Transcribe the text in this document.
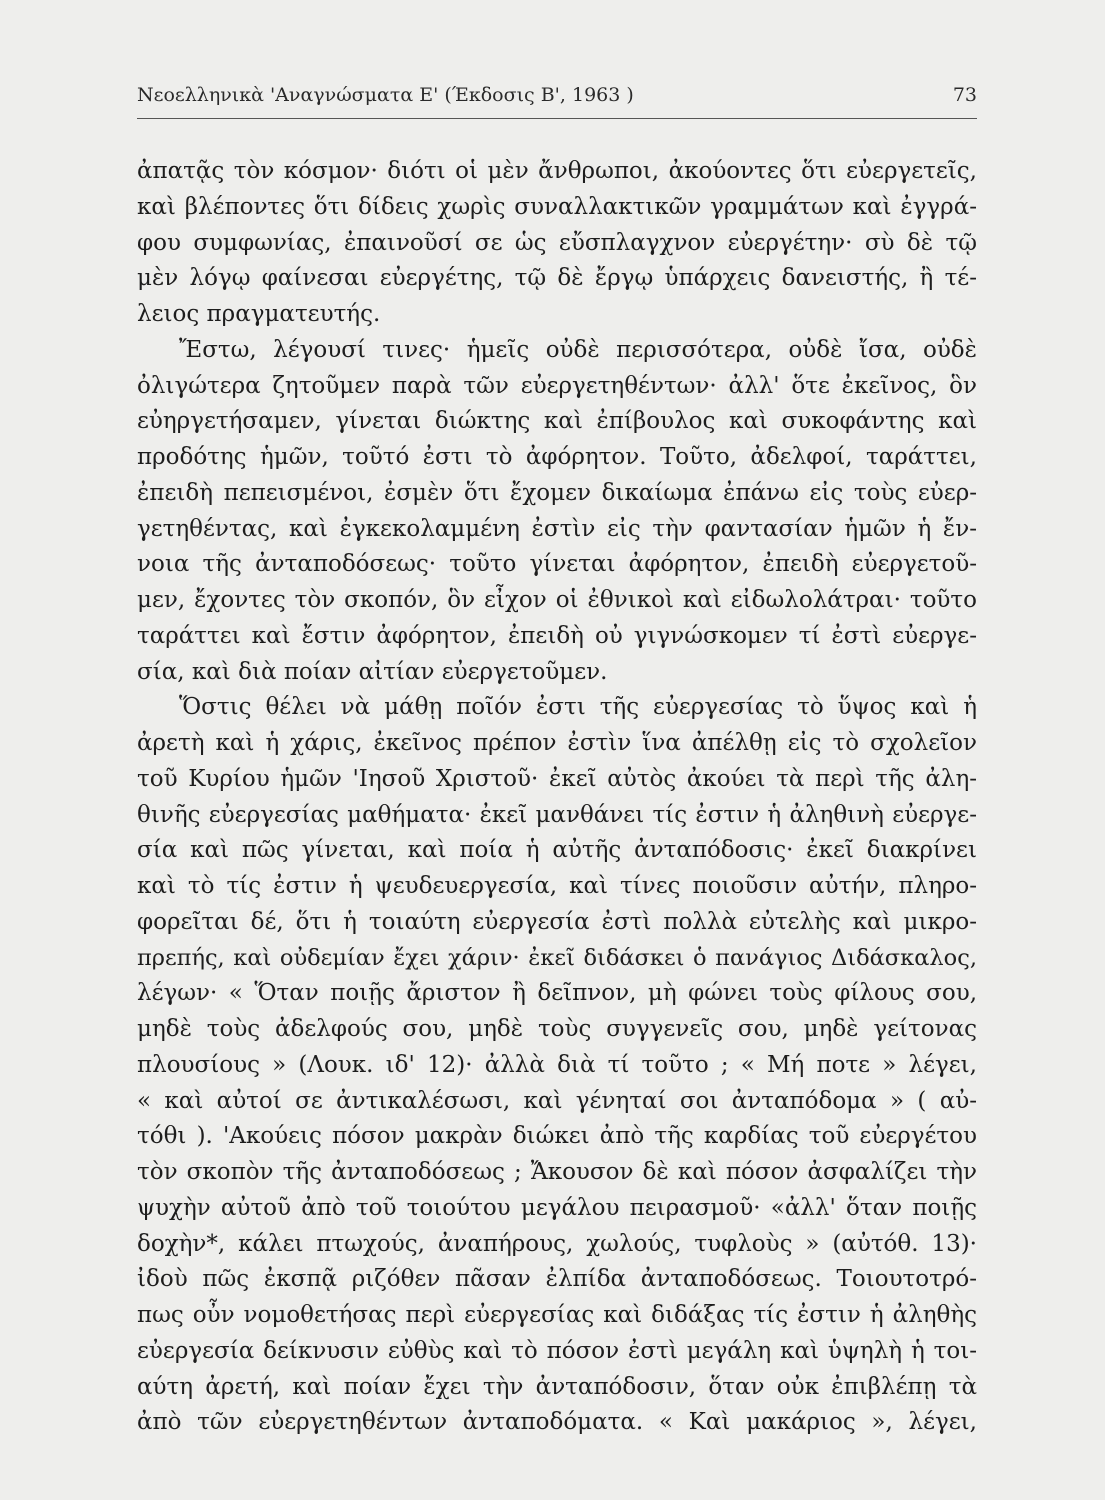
Νεοελληνικὰ 'Αναγνώσματα Ε' (Έκδοσις Β', 1963 )	73
ἀπατᾷς τὸν κόσμον· διότι οἱ μὲν ἄνθρωποι, ἀκούοντες ὅτι εὐεργετεῖς,
καὶ βλέποντες ὅτι δίδεις χωρὶς συναλλακτικῶν γραμμάτων καὶ ἐγγρά-
φου συμφωνίας, ἐπαινοῦσί σε ὡς εὔσπλαγχνον εὐεργέτην· σὺ δὲ τῷ
μὲν λόγῳ φαίνεσαι εὐεργέτης, τῷ δὲ ἔργῳ ὑπάρχεις δανειστής, ἢ τέ-
λειος πραγματευτής.
Ἔστω, λέγουσί τινες· ἡμεῖς οὐδὲ περισσότερα, οὐδὲ ἴσα, οὐδὲ
ὀλιγώτερα ζητοῦμεν παρὰ τῶν εὐεργετηθέντων· ἀλλ' ὅτε ἐκεῖνος, ὃν
εὐηργετήσαμεν, γίνεται διώκτης καὶ ἐπίβουλος καὶ συκοφάντης καὶ
προδότης ἡμῶν, τοῦτό ἐστι τὸ ἀφόρητον. Τοῦτο, ἀδελφοί, ταράττει,
ἐπειδὴ πεπεισμένοι, ἐσμὲν ὅτι ἔχομεν δικαίωμα ἐπάνω εἰς τοὺς εὐερ-
γετηθέντας, καὶ ἐγκεκολαμμένη ἐστὶν εἰς τὴν φαντασίαν ἡμῶν ἡ ἔν-
νοια τῆς ἀνταποδόσεως· τοῦτο γίνεται ἀφόρητον, ἐπειδὴ εὐεργετοῦ-
μεν, ἔχοντες τὸν σκοπόν, ὃν εἶχον οἱ ἐθνικοὶ καὶ εἰδωλολάτραι· τοῦτο
ταράττει καὶ ἔστιν ἀφόρητον, ἐπειδὴ οὐ γιγνώσκομεν τί ἐστὶ εὐεργε-
σία, καὶ διὰ ποίαν αἰτίαν εὐεργετοῦμεν.
Ὅστις θέλει νὰ μάθῃ ποῖόν ἐστι τῆς εὐεργεσίας τὸ ὕψος καὶ ἡ
ἀρετὴ καὶ ἡ χάρις, ἐκεῖνος πρέπον ἐστὶν ἵνα ἀπέλθῃ εἰς τὸ σχολεῖον
τοῦ Κυρίου ἡμῶν 'Ιησοῦ Χριστοῦ· ἐκεῖ αὐτὸς ἀκούει τὰ περὶ τῆς ἀλη-
θινῆς εὐεργεσίας μαθήματα· ἐκεῖ μανθάνει τίς ἐστιν ἡ ἀληθινὴ εὐεργε-
σία καὶ πῶς γίνεται, καὶ ποία ἡ αὐτῆς ἀνταπόδοσις· ἐκεῖ διακρίνει
καὶ τὸ τίς ἐστιν ἡ ψευδευεργεσία, καὶ τίνες ποιοῦσιν αὐτήν, πληρο-
φορεῖται δέ, ὅτι ἡ τοιαύτη εὐεργεσία ἐστὶ πολλὰ εὐτελὴς καὶ μικρο-
πρεπής, καὶ οὐδεμίαν ἔχει χάριν· ἐκεῖ διδάσκει ὁ πανάγιος Διδάσκαλος,
λέγων· « Ὅταν ποιῇς ἄριστον ἢ δεῖπνον, μὴ φώνει τοὺς φίλους σου,
μηδὲ τοὺς ἀδελφούς σου, μηδὲ τοὺς συγγενεῖς σου, μηδὲ γείτονας
πλουσίους » (Λουκ. ιδ' 12)· ἀλλὰ διὰ τί τοῦτο ; « Μή ποτε » λέγει,
« καὶ αὐτοί σε ἀντικαλέσωσι, καὶ γένηταί σοι ἀνταπόδομα » ( αὐ-
τόθι ). 'Ακούεις πόσον μακρὰν διώκει ἀπὸ τῆς καρδίας τοῦ εὐεργέτου
τὸν σκοπὸν τῆς ἀνταποδόσεως ; Ἄκουσον δὲ καὶ πόσον ἀσφαλίζει τὴν
ψυχὴν αὐτοῦ ἀπὸ τοῦ τοιούτου μεγάλου πειρασμοῦ· «ἀλλ' ὅταν ποιῇς
δοχὴν*, κάλει πτωχούς, ἀναπήρους, χωλούς, τυφλοὺς » (αὐτόθ. 13)·
ἰδοὺ πῶς ἐκσπᾷ ριζόθεν πᾶσαν ἐλπίδα ἀνταποδόσεως. Τοιουτοτρό-
πως οὖν νομοθετήσας περὶ εὐεργεσίας καὶ διδάξας τίς ἐστιν ἡ ἀληθὴς
εὐεργεσία δείκνυσιν εὐθὺς καὶ τὸ πόσον ἐστὶ μεγάλη καὶ ὑψηλὴ ἡ τοι-
αύτη ἀρετή, καὶ ποίαν ἔχει τὴν ἀνταπόδοσιν, ὅταν οὐκ ἐπιβλέπῃ τὰ
ἀπὸ τῶν εὐεργετηθέντων ἀνταποδόματα. « Καὶ μακάριος », λέγει,
